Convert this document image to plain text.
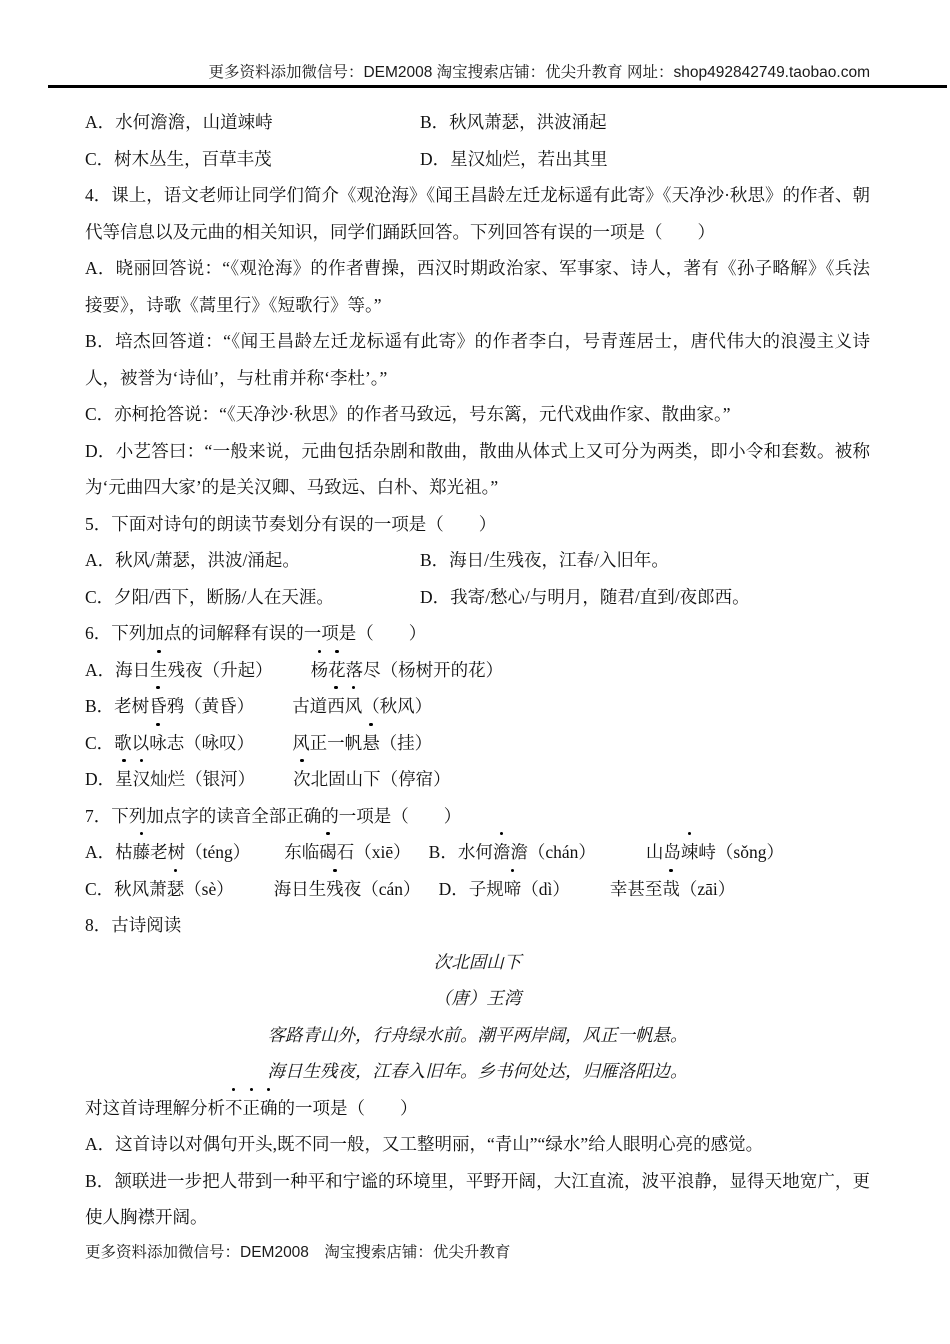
更多资料添加微信号：DEM2008 淘宝搜索店铺：优尖升教育 网址：shop492842749.taobao.com
A．水何澹澹，山道竦峙	B．秋风萧瑟，洪波涌起
C．树木丛生，百草丰茂	D．星汉灿烂，若出其里

4．课上，语文老师让同学们简介《观沧海》《闻王昌龄左迁龙标遥有此寄》《天净沙·秋思》的作者、朝代等信息以及元曲的相关知识，同学们踊跃回答。下列回答有误的一项是（　　）

A．晓丽回答说：“《观沧海》的作者曹操，西汉时期政治家、军事家、诗人，著有《孙子略解》《兵法接要》，诗歌《蒿里行》《短歌行》等。”

B．培杰回答道：“《闻王昌龄左迁龙标遥有此寄》的作者李白，号青莲居士，唐代伟大的浪漫主义诗人，被誉为‘诗仙’，与杜甫并称‘李杜’。”

C．亦柯抢答说：“《天净沙·秋思》的作者马致远，号东篱，元代戏曲作家、散曲家。”

D．小艺答曰：“一般来说，元曲包括杂剧和散曲，散曲从体式上又可分为两类，即小令和套数。被称为‘元曲四大家’的是关汉卿、马致远、白朴、郑光祖。”

5．下面对诗句的朗读节奏划分有误的一项是（　　）

A．秋风/萧瑟，洪波/涌起。	B．海日/生残夜，江春/入旧年。
C．夕阳/西下，断肠/人在天涯。	D．我寄/愁心/与明月，随君/直到/夜郎西。

6．下列加点的词解释有误的一项是（　　）

A．海日生残夜（升起） 杨花落尽（杨树开的花）

B．老树昏鸦（黄昏） 古道西风（秋风）

C．歌以咏志（咏叹） 风正一帆悬（挂）

D．星汉灿烂（银河） 次北固山下（停宿）

7．下列加点字的读音全部正确的一项是（　　）

A．枯藤老树（téng） 东临碣石（xiē） B．水何澹澹（chán）	山岛竦峙（sǒng）

C．秋风萧瑟（sè） 海日生残夜（cán） D．子规啼（dì） 幸甚至哉（zāi）

8．古诗阅读

次北固山下

（唐）王湾

客路青山外，行舟绿水前。潮平两岸阔，风正一帆悬。

海日生残夜，江春入旧年。乡书何处达，归雁洛阳边。

对这首诗理解分析不正确的一项是（　　）

A．这首诗以对偶句开头,既不同一般，又工整明丽，“青山”“绿水”给人眼明心亮的感觉。

B．颔联进一步把人带到一种平和宁谧的环境里，平野开阔，大江直流，波平浪静，显得天地宽广，更使人胸襟开阔。

更多资料添加微信号：DEM2008　淘宝搜索店铺：优尖升教育
